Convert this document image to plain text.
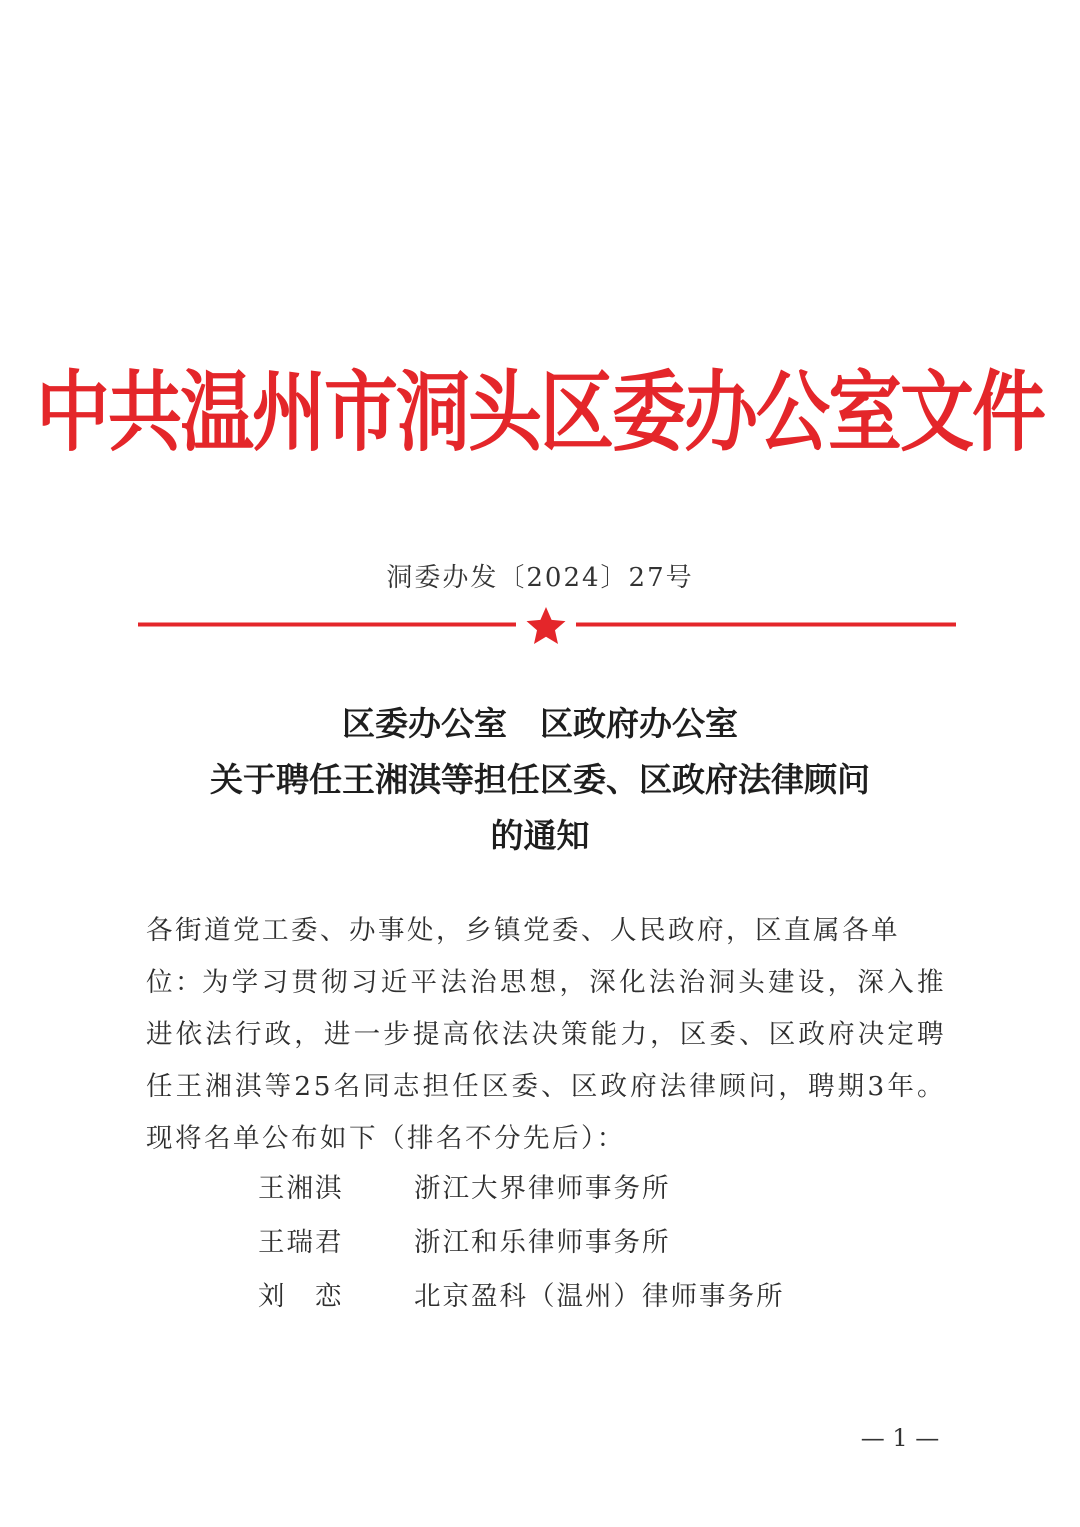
中共温州市洞头区委办公室文件
洞委办发〔2024〕27号
区委办公室　区政府办公室
关于聘任王湘淇等担任区委、区政府法律顾问
的通知
各街道党工委、办事处，乡镇党委、人民政府，区直属各单位：
为学习贯彻习近平法治思想，深化法治洞头建设，深入推进依法行政，进一步提高依法决策能力，区委、区政府决定聘任王湘淇等25名同志担任区委、区政府法律顾问，聘期3年。现将名单公布如下（排名不分先后）：
王湘淇	浙江大界律师事务所
王瑞君	浙江和乐律师事务所
刘　恋	北京盈科（温州）律师事务所
— 1 —
